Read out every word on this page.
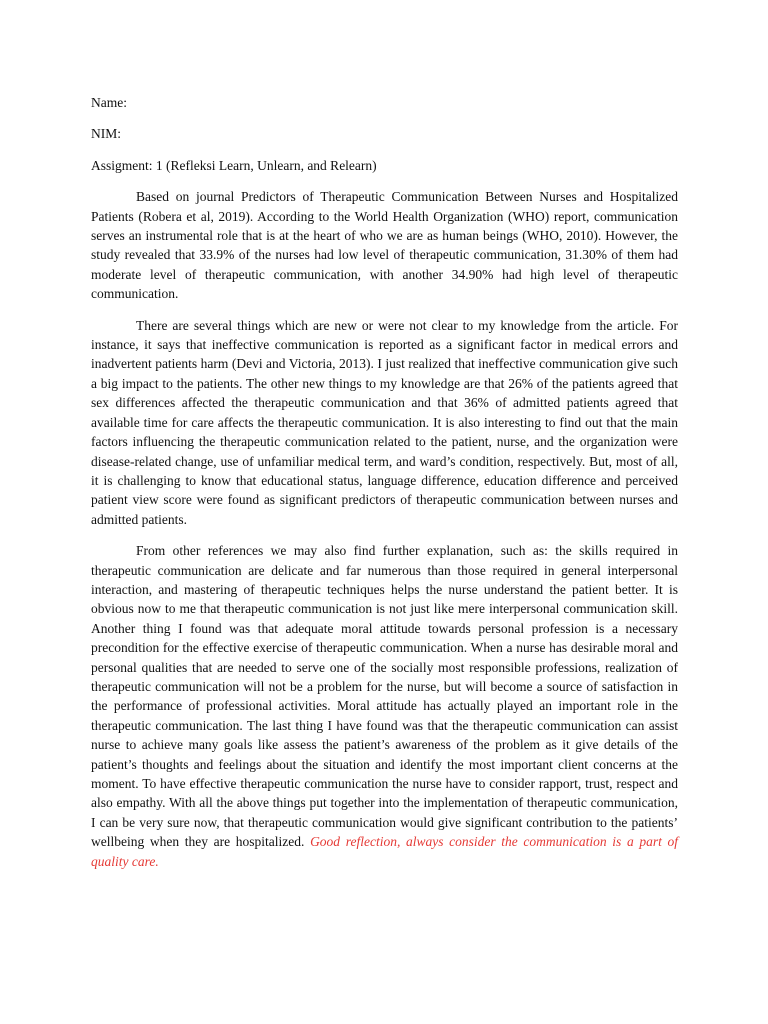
Name:

NIM:

Assigment: 1 (Refleksi Learn, Unlearn, and Relearn)

Based on journal Predictors of Therapeutic Communication Between Nurses and Hospitalized Patients (Robera et al, 2019). According to the World Health Organization (WHO) report, communication serves an instrumental role that is at the heart of who we are as human beings (WHO, 2010). However, the study revealed that 33.9% of the nurses had low level of therapeutic communication, 31.30% of them had moderate level of therapeutic communication, with another 34.90% had high level of therapeutic communication.

There are several things which are new or were not clear to my knowledge from the article. For instance, it says that ineffective communication is reported as a significant factor in medical errors and inadvertent patients harm (Devi and Victoria, 2013). I just realized that ineffective communication give such a big impact to the patients. The other new things to my knowledge are that 26% of the patients agreed that sex differences affected the therapeutic communication and that 36% of admitted patients agreed that available time for care affects the therapeutic communication. It is also interesting to find out that the main factors influencing the therapeutic communication related to the patient, nurse, and the organization were disease-related change, use of unfamiliar medical term, and ward’s condition, respectively. But, most of all, it is challenging to know that educational status, language difference, education difference and perceived patient view score were found as significant predictors of therapeutic communication between nurses and admitted patients.

From other references we may also find further explanation, such as: the skills required in therapeutic communication are delicate and far numerous than those required in general interpersonal interaction, and mastering of therapeutic techniques helps the nurse understand the patient better. It is obvious now to me that therapeutic communication is not just like mere interpersonal communication skill. Another thing I found was that adequate moral attitude towards personal profession is a necessary precondition for the effective exercise of therapeutic communication. When a nurse has desirable moral and personal qualities that are needed to serve one of the socially most responsible professions, realization of therapeutic communication will not be a problem for the nurse, but will become a source of satisfaction in the performance of professional activities. Moral attitude has actually played an important role in the therapeutic communication. The last thing I have found was that the therapeutic communication can assist nurse to achieve many goals like assess the patient’s awareness of the problem as it give details of the patient’s thoughts and feelings about the situation and identify the most important client concerns at the moment. To have effective therapeutic communication the nurse have to consider rapport, trust, respect and also empathy. With all the above things put together into the implementation of therapeutic communication, I can be very sure now, that therapeutic communication would give significant contribution to the patients’ wellbeing when they are hospitalized. Good reflection, always consider the communication is a part of quality care.
